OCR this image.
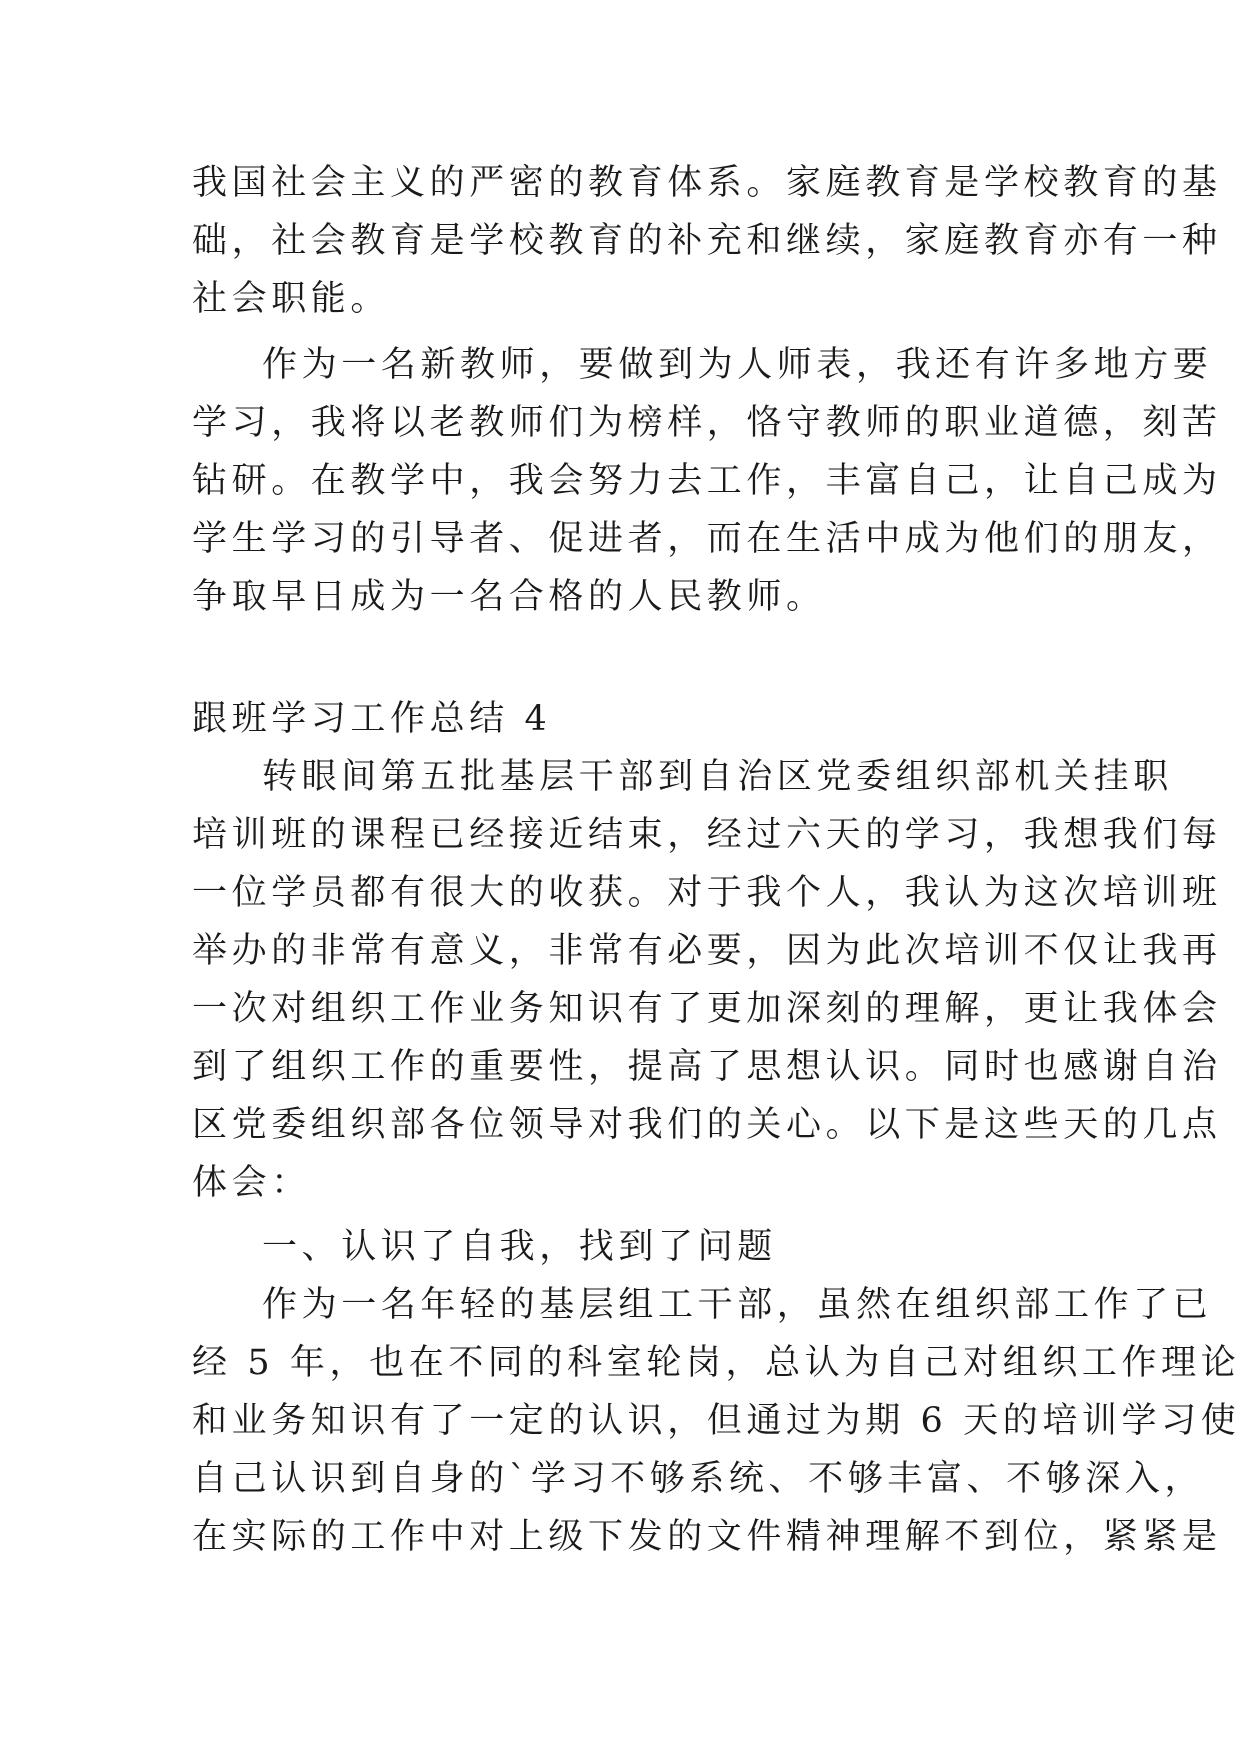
我国社会主义的严密的教育体系。家庭教育是学校教育的基
础，社会教育是学校教育的补充和继续，家庭教育亦有一种
社会职能。
作为一名新教师，要做到为人师表，我还有许多地方要
学习，我将以老教师们为榜样，恪守教师的职业道德，刻苦
钻研。在教学中，我会努力去工作，丰富自己，让自己成为
学生学习的引导者、促进者，而在生活中成为他们的朋友，
争取早日成为一名合格的人民教师。
跟班学习工作总结 4
转眼间第五批基层干部到自治区党委组织部机关挂职
培训班的课程已经接近结束，经过六天的学习，我想我们每
一位学员都有很大的收获。对于我个人，我认为这次培训班
举办的非常有意义，非常有必要，因为此次培训不仅让我再
一次对组织工作业务知识有了更加深刻的理解，更让我体会
到了组织工作的重要性，提高了思想认识。同时也感谢自治
区党委组织部各位领导对我们的关心。以下是这些天的几点
体会：
一、认识了自我，找到了问题
作为一名年轻的基层组工干部，虽然在组织部工作了已
经 5 年，也在不同的科室轮岗，总认为自己对组织工作理论
和业务知识有了一定的认识，但通过为期 6 天的培训学习使
自己认识到自身的`学习不够系统、不够丰富、不够深入，
在实际的工作中对上级下发的文件精神理解不到位，紧紧是
